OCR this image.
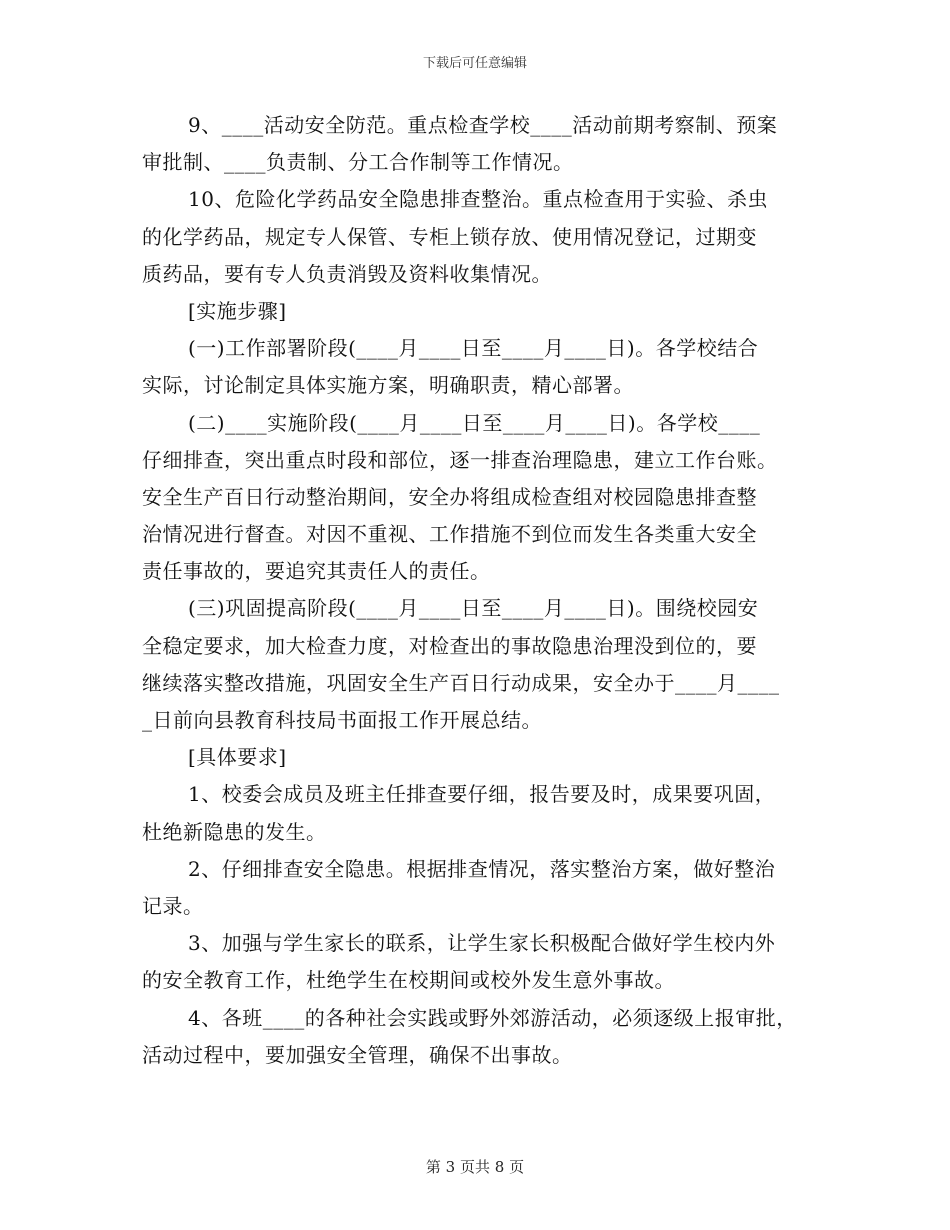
下载后可任意编辑
9、____活动安全防范。重点检查学校____活动前期考察制、预案
审批制、____负责制、分工合作制等工作情况。
10、危险化学药品安全隐患排查整治。重点检查用于实验、杀虫
的化学药品，规定专人保管、专柜上锁存放、使用情况登记，过期变
质药品，要有专人负责消毁及资料收集情况。
[实施步骤]
(一)工作部署阶段(____月____日至____月____日)。各学校结合
实际，讨论制定具体实施方案，明确职责，精心部署。
(二)____实施阶段(____月____日至____月____日)。各学校____
仔细排查，突出重点时段和部位，逐一排查治理隐患，建立工作台账。
安全生产百日行动整治期间，安全办将组成检查组对校园隐患排查整
治情况进行督查。对因不重视、工作措施不到位而发生各类重大安全
责任事故的，要追究其责任人的责任。
(三)巩固提高阶段(____月____日至____月____日)。围绕校园安
全稳定要求，加大检查力度，对检查出的事故隐患治理没到位的，要
继续落实整改措施，巩固安全生产百日行动成果，安全办于____月____
_日前向县教育科技局书面报工作开展总结。
[具体要求]
1、校委会成员及班主任排查要仔细，报告要及时，成果要巩固，
杜绝新隐患的发生。
2、仔细排查安全隐患。根据排查情况，落实整治方案，做好整治
记录。
3、加强与学生家长的联系，让学生家长积极配合做好学生校内外
的安全教育工作，杜绝学生在校期间或校外发生意外事故。
4、各班____的各种社会实践或野外郊游活动，必须逐级上报审批，
活动过程中，要加强安全管理，确保不出事故。
第 3 页共 8 页
